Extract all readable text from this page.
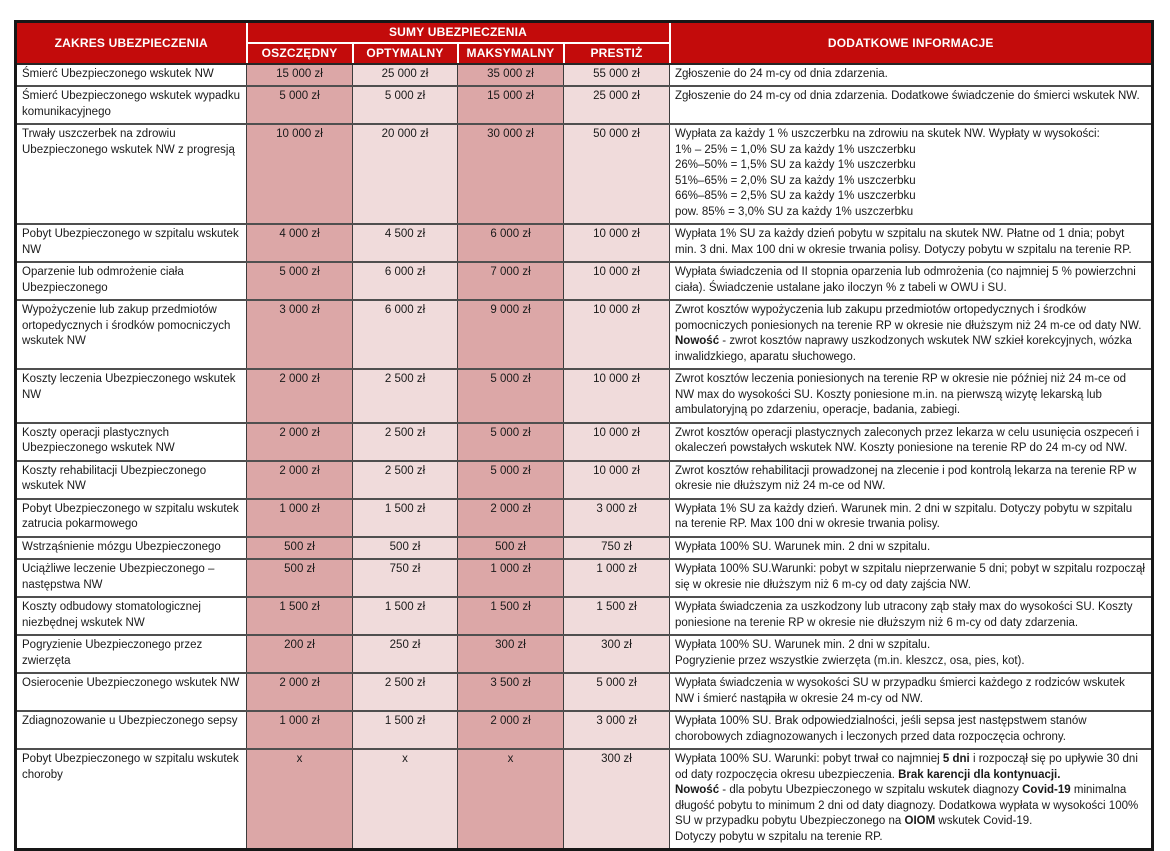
ZAKRES UBEZPIECZENIA	SUMY UBEZPIECZENIA				DODATKOWE INFORMACJE
	OSZCZĘDNY	OPTYMALNY	MAKSYMALNY	PRESTIŻ	
Śmierć Ubezpieczonego wskutek NW	15 000 zł	25 000 zł	35 000 zł	55 000 zł	Zgłoszenie do 24 m-cy od dnia zdarzenia.

Śmierć Ubezpieczonego wskutek wypadku komunikacyjnego	5 000 zł	5 000 zł	15 000 zł	25 000 zł	Zgłoszenie do 24 m-cy od dnia zdarzenia. Dodatkowe świadczenie do śmierci wskutek NW.

Trwały uszczerbek na zdrowiu Ubezpieczonego wskutek NW z progresją	10 000 zł	20 000 zł	30 000 zł	50 000 zł	Wypłata za każdy 1 % uszczerbku na zdrowiu na skutek NW. Wypłaty w wysokości:
1% – 25% = 1,0% SU za każdy 1% uszczerbku
26%–50% = 1,5% SU za każdy 1% uszczerbku
51%–65% = 2,0% SU za każdy 1% uszczerbku
66%–85% = 2,5% SU za każdy 1% uszczerbku
pow. 85% = 3,0% SU za każdy 1% uszczerbku

Pobyt Ubezpieczonego w szpitalu wskutek NW	4 000 zł	4 500 zł	6 000 zł	10 000 zł	Wypłata 1% SU za każdy dzień pobytu w szpitalu na skutek NW. Płatne od 1 dnia; pobyt min. 3 dni. Max 100 dni w okresie trwania polisy. Dotyczy pobytu w szpitalu na terenie RP.

Oparzenie lub odmrożenie ciała Ubezpieczonego	5 000 zł	6 000 zł	7 000 zł	10 000 zł	Wypłata świadczenia od II stopnia oparzenia lub odmrożenia (co najmniej 5 % powierzchni ciała). Świadczenie ustalane jako iloczyn % z tabeli w OWU i SU.

Wypożyczenie lub zakup przedmiotów ortopedycznych i środków pomocniczych wskutek NW	3 000 zł	6 000 zł	9 000 zł	10 000 zł	Zwrot kosztów wypożyczenia lub zakupu przedmiotów ortopedycznych i środków pomocniczych poniesionych na terenie RP w okresie nie dłuższym niż 24 m-ce od daty NW.
Nowość - zwrot kosztów naprawy uszkodzonych wskutek NW szkieł korekcyjnych, wózka inwalidzkiego, aparatu słuchowego.

Koszty leczenia Ubezpieczonego wskutek NW	2 000 zł	2 500 zł	5 000 zł	10 000 zł	Zwrot kosztów leczenia poniesionych na terenie RP w okresie nie później niż 24 m-ce od NW max do wysokości SU. Koszty poniesione m.in. na pierwszą wizytę lekarską lub ambulatoryjną po zdarzeniu, operacje, badania, zabiegi.

Koszty operacji plastycznych Ubezpieczonego wskutek NW	2 000 zł	2 500 zł	5 000 zł	10 000 zł	Zwrot kosztów operacji plastycznych zaleconych przez lekarza w celu usunięcia oszpeceń i okaleczeń powstałych wskutek NW. Koszty poniesione na terenie RP do 24 m-cy od NW.

Koszty rehabilitacji Ubezpieczonego wskutek NW	2 000 zł	2 500 zł	5 000 zł	10 000 zł	Zwrot kosztów rehabilitacji prowadzonej na zlecenie i pod kontrolą lekarza na terenie RP w okresie nie dłuższym niż 24 m-ce od NW.

Pobyt Ubezpieczonego w szpitalu wskutek zatrucia pokarmowego	1 000 zł	1 500 zł	2 000 zł	3 000 zł	Wypłata 1% SU za każdy dzień. Warunek min. 2 dni w szpitalu. Dotyczy pobytu w szpitalu na terenie RP. Max 100 dni w okresie trwania polisy.

Wstrząśnienie mózgu Ubezpieczonego	500 zł	500 zł	500 zł	750 zł	Wypłata 100% SU. Warunek min. 2 dni w szpitalu.

Uciążliwe leczenie Ubezpieczonego – następstwa NW	500 zł	750 zł	1 000 zł	1 000 zł	Wypłata 100% SU.Warunki: pobyt w szpitalu nieprzerwanie 5 dni; pobyt w szpitalu rozpoczął się w okresie nie dłuższym niż 6 m-cy od daty zajścia NW.

Koszty odbudowy stomatologicznej niezbędnej wskutek NW	1 500 zł	1 500 zł	1 500 zł	1 500 zł	Wypłata świadczenia za uszkodzony lub utracony ząb stały max do wysokości SU. Koszty poniesione na terenie RP w okresie nie dłuższym niż 6 m-cy od daty zdarzenia.

Pogryzienie Ubezpieczonego przez zwierzęta	200 zł	250 zł	300 zł	300 zł	Wypłata 100% SU. Warunek min. 2 dni w szpitalu.
Pogryzienie przez wszystkie zwierzęta (m.in. kleszcz, osa, pies, kot).

Osierocenie Ubezpieczonego wskutek NW	2 000 zł	2 500 zł	3 500 zł	5 000 zł	Wypłata świadczenia w wysokości SU w przypadku śmierci każdego z rodziców wskutek NW i śmierć nastąpiła w okresie 24 m-cy od NW.

Zdiagnozowanie u Ubezpieczonego sepsy	1 000 zł	1 500 zł	2 000 zł	3 000 zł	Wypłata 100% SU. Brak odpowiedzialności, jeśli sepsa jest następstwem stanów chorobowych zdiagnozowanych i leczonych przed data rozpoczęcia ochrony.

Pobyt Ubezpieczonego w szpitalu wskutek choroby	x	x	x	300 zł	Wypłata 100% SU. Warunki: pobyt trwał co najmniej 5 dni i rozpoczął się po upływie 30 dni od daty rozpoczęcia okresu ubezpieczenia. Brak karencji dla kontynuacji.
Nowość - dla pobytu Ubezpieczonego w szpitalu wskutek diagnozy Covid-19 minimalna długość pobytu to minimum 2 dni od daty diagnozy. Dodatkowa wypłata w wysokości 100% SU w przypadku pobytu Ubezpieczonego na OIOM wskutek Covid-19.
Dotyczy pobytu w szpitalu na terenie RP.
